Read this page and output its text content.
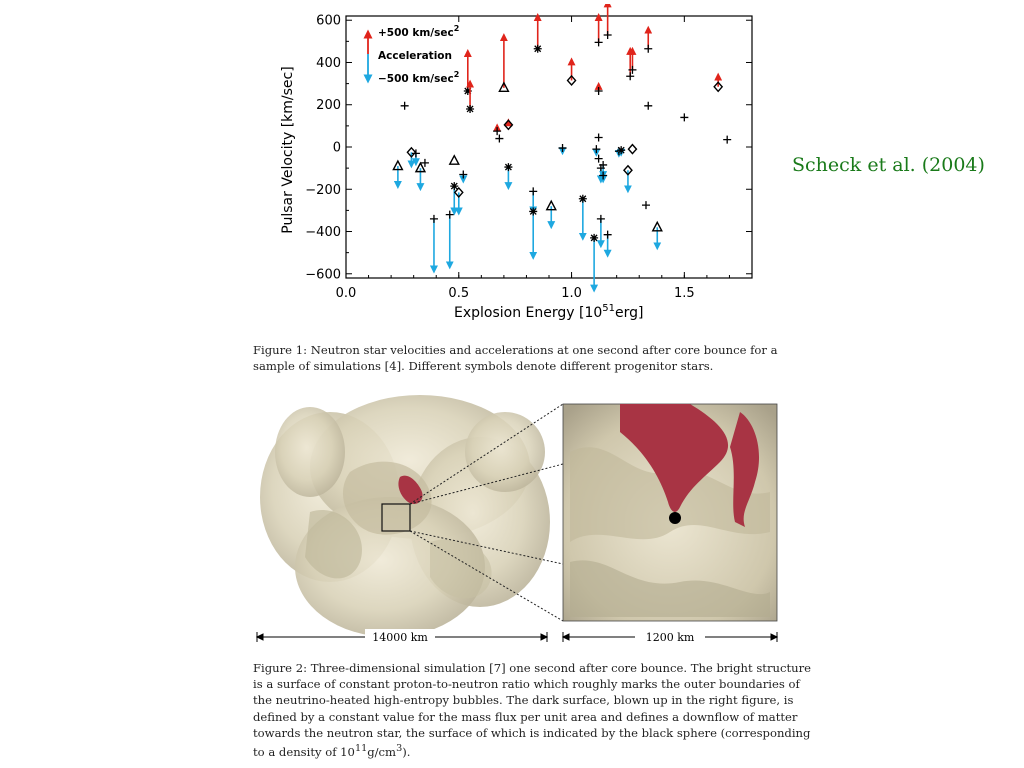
0.0	0.5	1.0	1.5
600
400
200
0
−200
−400
−600
+500 $km/\sec^2$
Acceleration
−500 $km/\sec^2$
Explosion Energy $[10^{51}erg]$
Pulsar Velocity [km/sec]	Scheck et al. (2004)
Figure 1: Neutron star velocities and accelerations at one second after core bounce for a
sample of simulations [4]. Different symbols denote different progenitor stars.
14000 km	1200 km
Figure 2: Three-dimensional simulation [7] one second after core bounce. The bright structure
is a surface of constant proton-to-neutron ratio which roughly marks the outer boundaries of
the neutrino-heated high-entropy bubbles. The dark surface, blown up in the right figure, is
defined by a constant value for the mass flux per unit area and defines a downflow of matter
towards the neutron star, the surface of which is indicated by the black sphere (corresponding
to a density of $10^{11}g/cm^3$).
